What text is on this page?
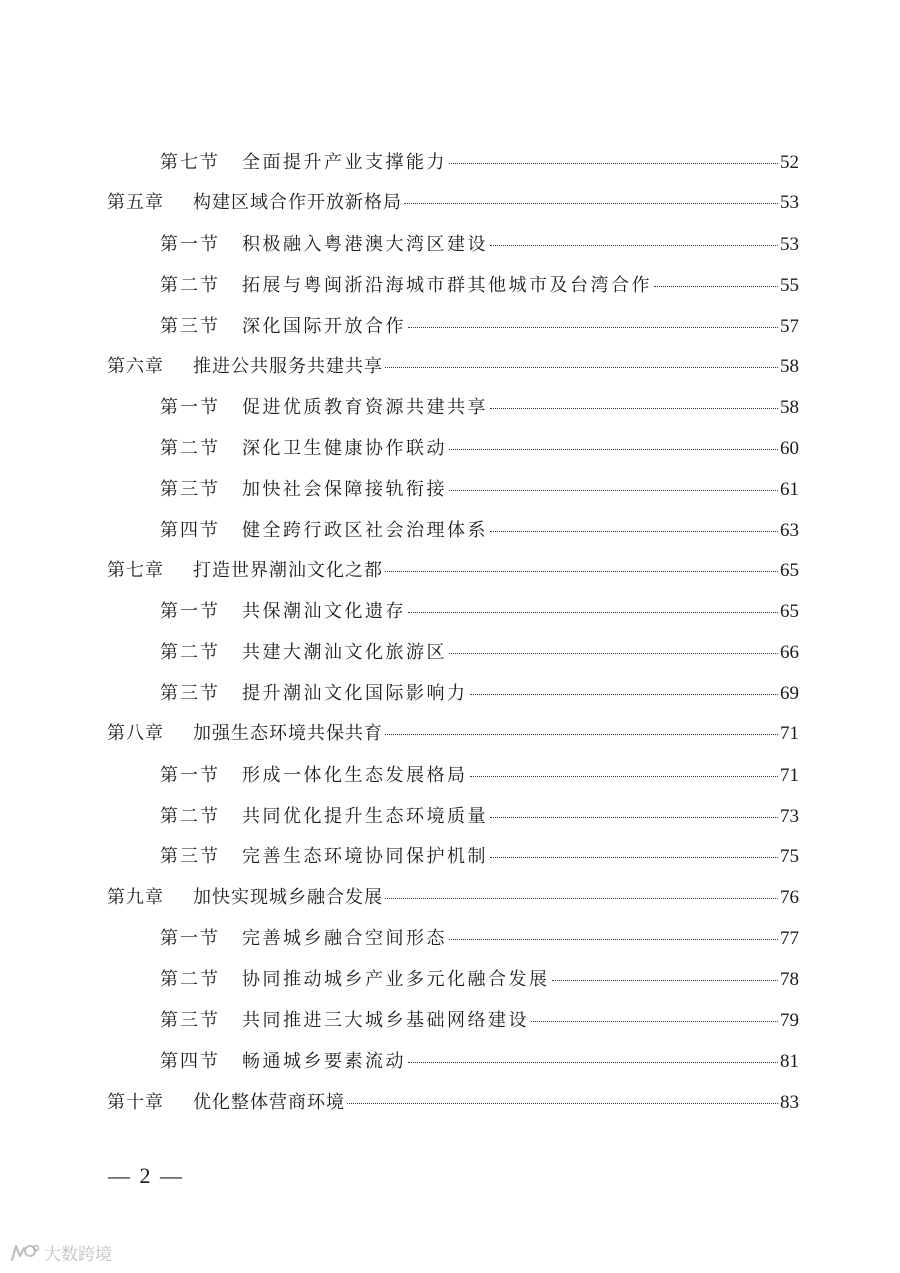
第七节	全面提升产业支撑能力	52
第五章	构建区域合作开放新格局	53
第一节	积极融入粤港澳大湾区建设	53
第二节	拓展与粤闽浙沿海城市群其他城市及台湾合作	55
第三节	深化国际开放合作	57
第六章	推进公共服务共建共享	58
第一节	促进优质教育资源共建共享	58
第二节	深化卫生健康协作联动	60
第三节	加快社会保障接轨衔接	61
第四节	健全跨行政区社会治理体系	63
第七章	打造世界潮汕文化之都	65
第一节	共保潮汕文化遗存	65
第二节	共建大潮汕文化旅游区	66
第三节	提升潮汕文化国际影响力	69
第八章	加强生态环境共保共育	71
第一节	形成一体化生态发展格局	71
第二节	共同优化提升生态环境质量	73
第三节	完善生态环境协同保护机制	75
第九章	加快实现城乡融合发展	76
第一节	完善城乡融合空间形态	77
第二节	协同推动城乡产业多元化融合发展	78
第三节	共同推进三大城乡基础网络建设	79
第四节	畅通城乡要素流动	81
第十章	优化整体营商环境	83
— 2 —
大数跨境
